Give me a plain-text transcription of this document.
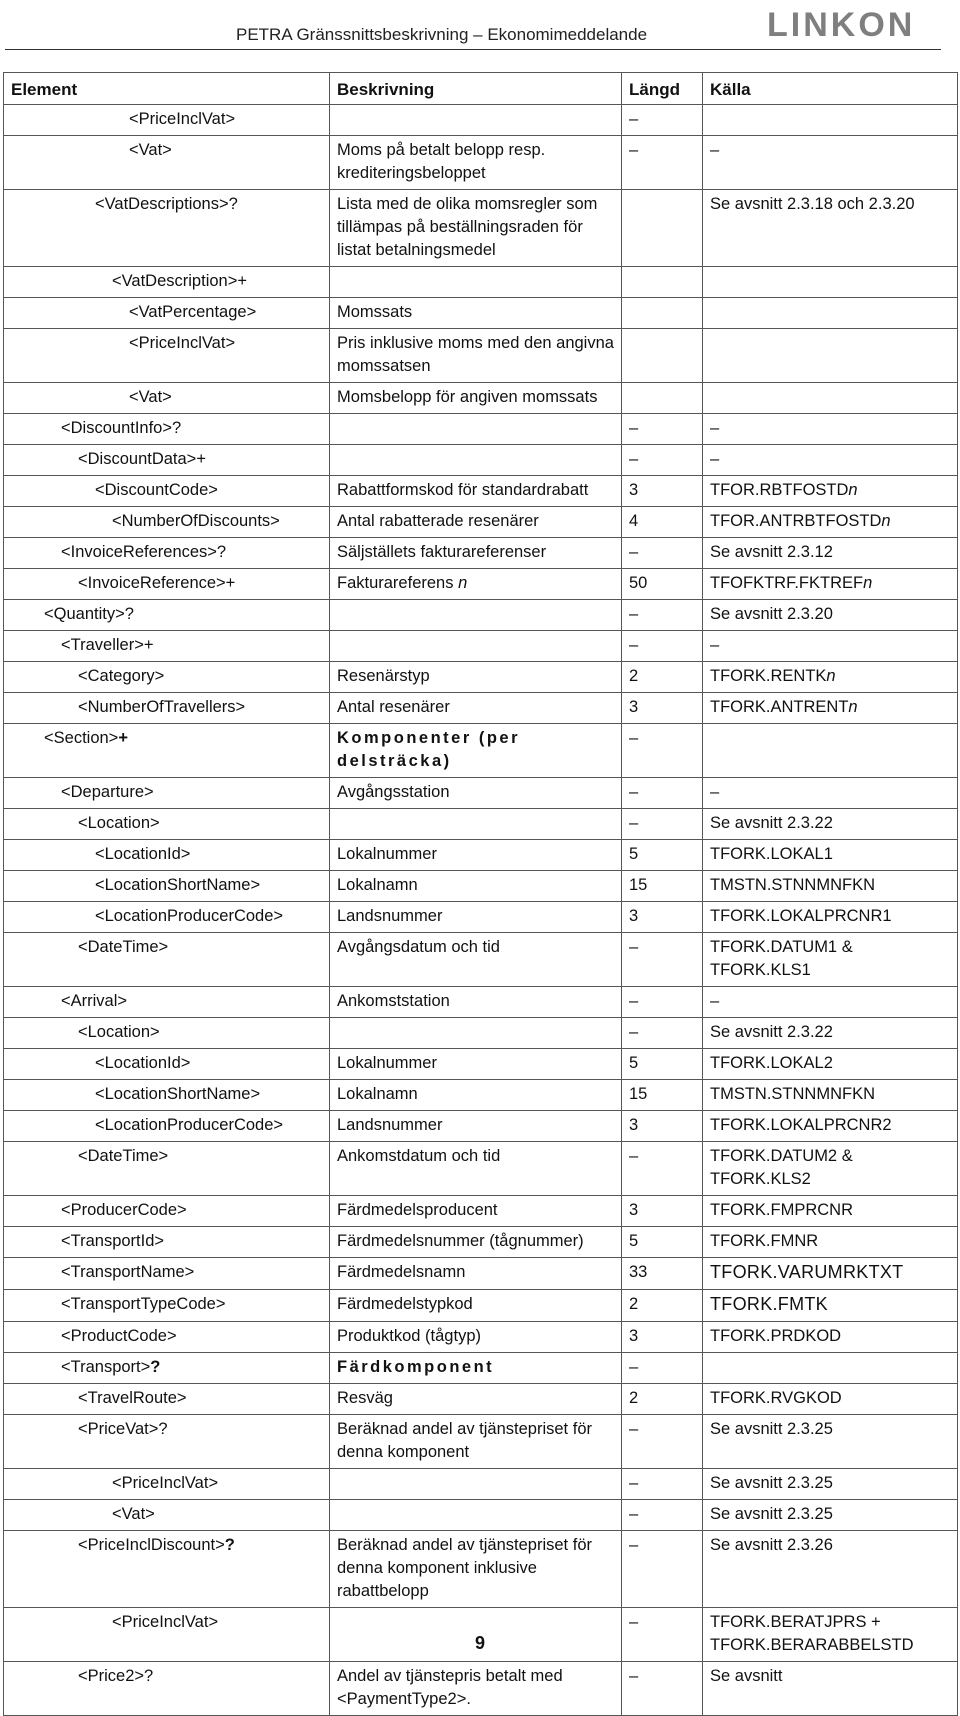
PETRA Gränssnittsbeskrivning – Ekonomimeddelande	LINKON
Element	Beskrivning	Längd	Källa
<PriceInclVat>		–	
<Vat>	Moms på betalt belopp resp. krediteringsbeloppet	–	–
<VatDescriptions>?	Lista med de olika momsregler som tillämpas på beställningsraden för listat betalningsmedel		Se avsnitt 2.3.18 och 2.3.20
<VatDescription>+			
<VatPercentage>	Momssats		
<PriceInclVat>	Pris inklusive moms med den angivna momssatsen		
<Vat>	Momsbelopp för angiven momssats		
<DiscountInfo>?		–	–
<DiscountData>+		–	–
<DiscountCode>	Rabattformskod för standardrabatt	3	TFOR.RBTFOSTDn
<NumberOfDiscounts>	Antal rabatterade resenärer	4	TFOR.ANTRBTFOSTDn
<InvoiceReferences>?	Säljställets fakturareferenser	–	Se avsnitt 2.3.12
<InvoiceReference>+	Fakturareferens n	50	TFOFKTRF.FKTREFn
<Quantity>?		–	Se avsnitt 2.3.20
<Traveller>+		–	–
<Category>	Resenärstyp	2	TFORK.RENTKn
<NumberOfTravellers>	Antal resenärer	3	TFORK.ANTRENTn
<Section>+	Komponenter (per delsträcka)	–	
<Departure>	Avgångsstation	–	–
<Location>		–	Se avsnitt 2.3.22
<LocationId>	Lokalnummer	5	TFORK.LOKAL1
<LocationShortName>	Lokalnamn	15	TMSTN.STNNMNFKN
<LocationProducerCode>	Landsnummer	3	TFORK.LOKALPRCNR1
<DateTime>	Avgångsdatum och tid	–	TFORK.DATUM1 & TFORK.KLS1
<Arrival>	Ankomststation	–	–
<Location>		–	Se avsnitt 2.3.22
<LocationId>	Lokalnummer	5	TFORK.LOKAL2
<LocationShortName>	Lokalnamn	15	TMSTN.STNNMNFKN
<LocationProducerCode>	Landsnummer	3	TFORK.LOKALPRCNR2
<DateTime>	Ankomstdatum och tid	–	TFORK.DATUM2 & TFORK.KLS2
<ProducerCode>	Färdmedelsproducent	3	TFORK.FMPRCNR
<TransportId>	Färdmedelsnummer (tågnummer)	5	TFORK.FMNR
<TransportName>	Färdmedelsnamn	33	TFORK.VARUMRKTXT
<TransportTypeCode>	Färdmedelstypkod	2	TFORK.FMTK
<ProductCode>	Produktkod (tågtyp)	3	TFORK.PRDKOD
<Transport>?	Färdkomponent	–	
<TravelRoute>	Resväg	2	TFORK.RVGKOD
<PriceVat>?	Beräknad andel av tjänstepriset för denna komponent	–	Se avsnitt 2.3.25
<PriceInclVat>		–	Se avsnitt 2.3.25
<Vat>		–	Se avsnitt 2.3.25
<PriceInclDiscount>?	Beräknad andel av tjänstepriset för denna komponent inklusive rabattbelopp	–	Se avsnitt 2.3.26
<PriceInclVat>		–	TFORK.BERATJPRS + TFORK.BERARABBELSTD
<Price2>?	Andel av tjänstepris betalt med <PaymentType2>.	–	Se avsnitt
9
